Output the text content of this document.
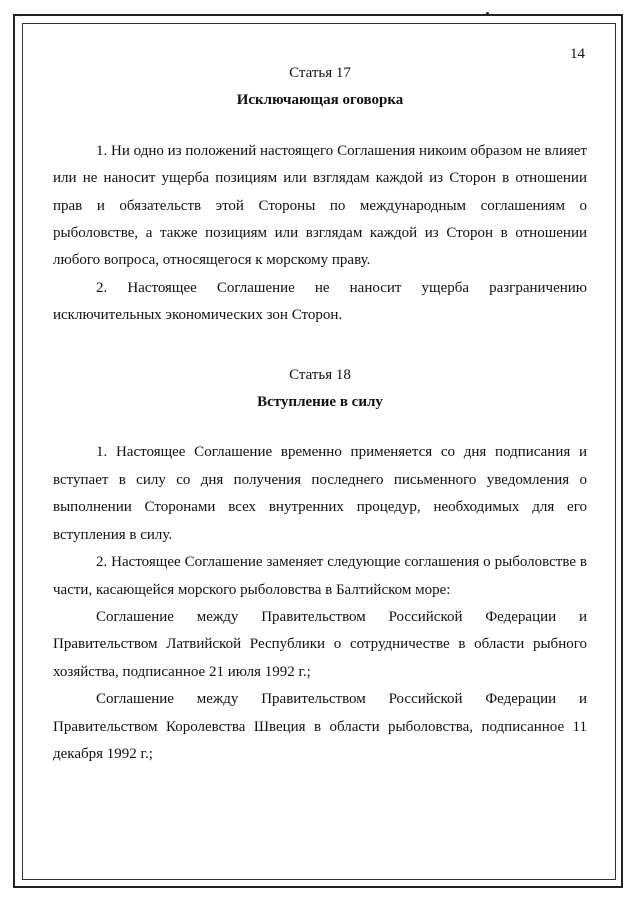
14
Статья 17
Исключающая оговорка

1. Ни одно из положений настоящего Соглашения никоим образом не влияет или не наносит ущерба позициям или взглядам каждой из Сторон в отношении прав и обязательств этой Стороны по международным соглашениям о рыболовстве, а также позициям или взглядам каждой из Сторон в отношении любого вопроса, относящегося к морскому праву.

2. Настоящее Соглашение не наносит ущерба разграничению исключительных экономических зон Сторон.

Статья 18
Вступление в силу

1. Настоящее Соглашение временно применяется со дня подписания и вступает в силу со дня получения последнего письменного уведомления о выполнении Сторонами всех внутренних процедур, необходимых для его вступления в силу.

2. Настоящее Соглашение заменяет следующие соглашения о рыболовстве в части, касающейся морского рыболовства в Балтийском море:

Соглашение между Правительством Российской Федерации и Правительством Латвийской Республики о сотрудничестве в области рыбного хозяйства, подписанное 21 июля 1992 г.;

Соглашение между Правительством Российской Федерации и Правительством Королевства Швеция в области рыболовства, подписанное 11 декабря 1992 г.;
